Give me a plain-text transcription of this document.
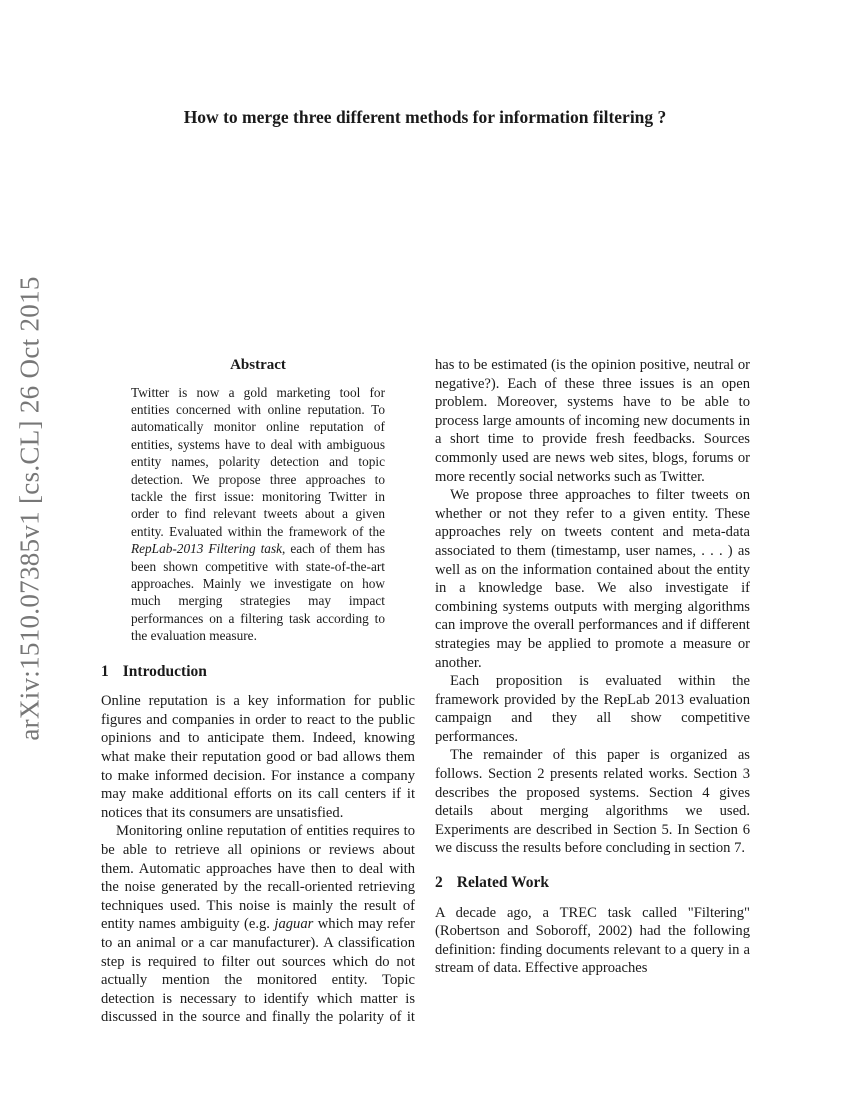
arXiv:1510.07385v1 [cs.CL] 26 Oct 2015
How to merge three different methods for information filtering ?
Abstract

Twitter is now a gold marketing tool for entities concerned with online reputation. To automatically monitor online reputation of entities, systems have to deal with ambiguous entity names, polarity detection and topic detection. We propose three approaches to tackle the first issue: monitoring Twitter in order to find relevant tweets about a given entity. Evaluated within the framework of the RepLab-2013 Filtering task, each of them has been shown competitive with state-of-the-art approaches. Mainly we investigate on how much merging strategies may impact performances on a filtering task according to the evaluation measure.

1 Introduction

Online reputation is a key information for public figures and companies in order to react to the public opinions and to anticipate them. Indeed, knowing what make their reputation good or bad allows them to make informed decision. For instance a company may make additional efforts on its call centers if it notices that its consumers are unsatisfied.

Monitoring online reputation of entities requires to be able to retrieve all opinions or reviews about them. Automatic approaches have then to deal with the noise generated by the recall-oriented retrieving techniques used. This noise is mainly the result of entity names ambiguity (e.g. jaguar which may refer to an animal or a car manufacturer). A classification step is required to filter out sources which do not actually mention the monitored entity. Topic detection is necessary to identify which matter is discussed in the source and finally the polarity of it

has to be estimated (is the opinion positive, neutral or negative?). Each of these three issues is an open problem. Moreover, systems have to be able to process large amounts of incoming new documents in a short time to provide fresh feedbacks. Sources commonly used are news web sites, blogs, forums or more recently social networks such as Twitter.

We propose three approaches to filter tweets on whether or not they refer to a given entity. These approaches rely on tweets content and meta-data associated to them (timestamp, user names, . . . ) as well as on the information contained about the entity in a knowledge base. We also investigate if combining systems outputs with merging algorithms can improve the overall performances and if different strategies may be applied to promote a measure or another.

Each proposition is evaluated within the framework provided by the RepLab 2013 evaluation campaign and they all show competitive performances.

The remainder of this paper is organized as follows. Section 2 presents related works. Section 3 describes the proposed systems. Section 4 gives details about merging algorithms we used. Experiments are described in Section 5. In Section 6 we discuss the results before concluding in section 7.

2 Related Work

A decade ago, a TREC task called "Filtering" (Robertson and Soboroff, 2002) had the following definition: finding documents relevant to a query in a stream of data. Effective approaches
